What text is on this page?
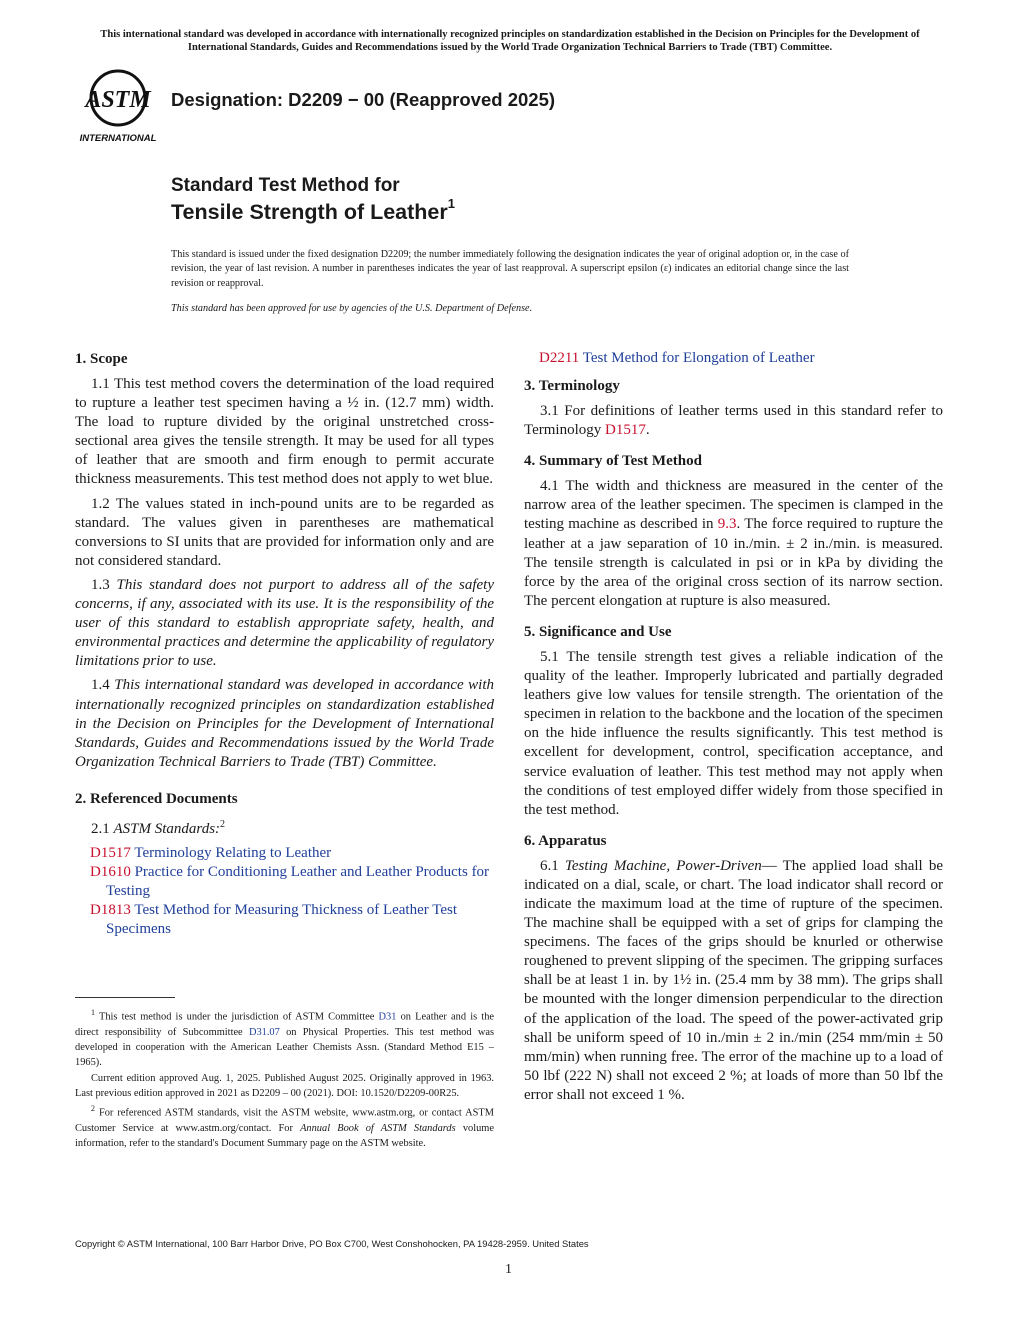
This international standard was developed in accordance with internationally recognized principles on standardization established in the Decision on Principles for the Development of International Standards, Guides and Recommendations issued by the World Trade Organization Technical Barriers to Trade (TBT) Committee.
ASTM
INTERNATIONAL
Designation: D2209 − 00 (Reapproved 2025)
Standard Test Method for
Tensile Strength of Leather$^1$
This standard is issued under the fixed designation D2209; the number immediately following the designation indicates the year of original adoption or, in the case of revision, the year of last revision. A number in parentheses indicates the year of last reapproval. A superscript epsilon (ε) indicates an editorial change since the last revision or reapproval.
This standard has been approved for use by agencies of the U.S. Department of Defense.
1. Scope

1.1 This test method covers the determination of the load required to rupture a leather test specimen having a ½ in. (12.7 mm) width. The load to rupture divided by the original unstretched cross-sectional area gives the tensile strength. It may be used for all types of leather that are smooth and firm enough to permit accurate thickness measurements. This test method does not apply to wet blue.

1.2 The values stated in inch-pound units are to be regarded as standard. The values given in parentheses are mathematical conversions to SI units that are provided for information only and are not considered standard.

1.3 This standard does not purport to address all of the safety concerns, if any, associated with its use. It is the responsibility of the user of this standard to establish appropriate safety, health, and environmental practices and determine the applicability of regulatory limitations prior to use.

1.4 This international standard was developed in accordance with internationally recognized principles on standardization established in the Decision on Principles for the Development of International Standards, Guides and Recommendations issued by the World Trade Organization Technical Barriers to Trade (TBT) Committee.

2. Referenced Documents

2.1 ASTM Standards:$^2$

D1517 Terminology Relating to Leather
D1610 Practice for Conditioning Leather and Leather Products for Testing
D1813 Test Method for Measuring Thickness of Leather Test Specimens
D2211 Test Method for Elongation of Leather
3. Terminology

3.1 For definitions of leather terms used in this standard refer to Terminology D1517.

4. Summary of Test Method

4.1 The width and thickness are measured in the center of the narrow area of the leather specimen. The specimen is clamped in the testing machine as described in 9.3. The force required to rupture the leather at a jaw separation of 10 in./min. ± 2 in./min. is measured. The tensile strength is calculated in psi or in kPa by dividing the force by the area of the original cross section of its narrow section. The percent elongation at rupture is also measured.

5. Significance and Use

5.1 The tensile strength test gives a reliable indication of the quality of the leather. Improperly lubricated and partially degraded leathers give low values for tensile strength. The orientation of the specimen in relation to the backbone and the location of the specimen on the hide influence the results significantly. This test method is excellent for development, control, specification acceptance, and service evaluation of leather. This test method may not apply when the conditions of test employed differ widely from those specified in the test method.

6. Apparatus

6.1 Testing Machine, Power-Driven— The applied load shall be indicated on a dial, scale, or chart. The load indicator shall record or indicate the maximum load at the time of rupture of the specimen. The machine shall be equipped with a set of grips for clamping the specimens. The faces of the grips should be knurled or otherwise roughened to prevent slipping of the specimen. The gripping surfaces shall be at least 1 in. by 1½ in. (25.4 mm by 38 mm). The grips shall be mounted with the longer dimension perpendicular to the direction of the application of the load. The speed of the power-activated grip shall be uniform speed of 10 in./min ± 2 in./min (254 mm/min ± 50 mm/min) when running free. The error of the machine up to a load of 50 lbf (222 N) shall not exceed 2 %; at loads of more than 50 lbf the error shall not exceed 1 %.

$^1$ This test method is under the jurisdiction of ASTM Committee D31 on Leather and is the direct responsibility of Subcommittee D31.07 on Physical Properties. This test method was developed in cooperation with the American Leather Chemists Assn. (Standard Method E15 – 1965).

Current edition approved Aug. 1, 2025. Published August 2025. Originally approved in 1963. Last previous edition approved in 2021 as D2209 – 00 (2021). DOI: 10.1520/D2209-00R25.

$^2$ For referenced ASTM standards, visit the ASTM website, www.astm.org, or contact ASTM Customer Service at www.astm.org/contact. For Annual Book of ASTM Standards volume information, refer to the standard's Document Summary page on the ASTM website.

Copyright © ASTM International, 100 Barr Harbor Drive, PO Box C700, West Conshohocken, PA 19428-2959. United States
1
